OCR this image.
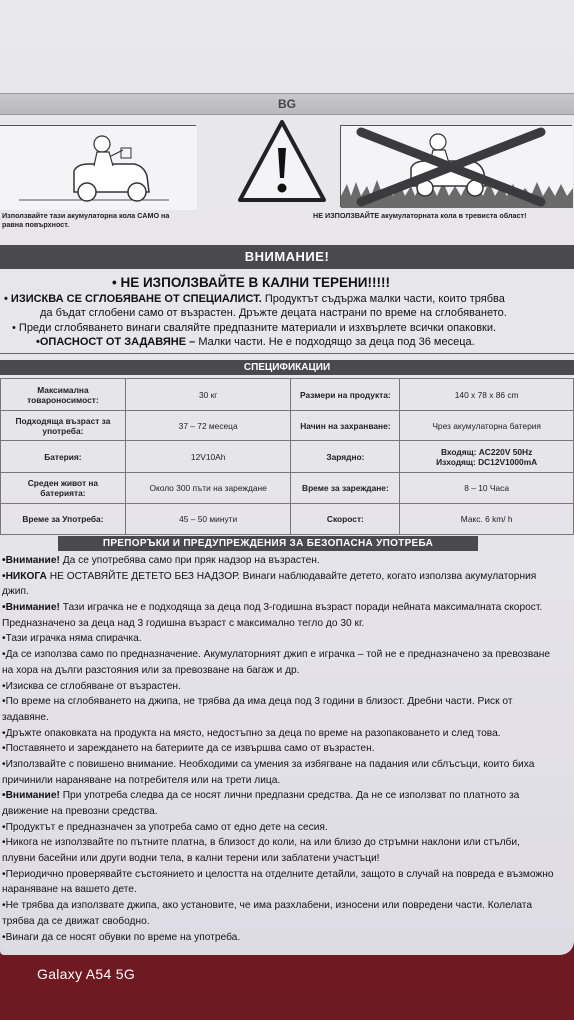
BG
Използвайте тази акумулаторна кола САМО на
равна повърхност.
НЕ ИЗПОЛЗВАЙТЕ акумулаторната кола в тревиста област!
ВНИМАНИЕ!
• НЕ ИЗПОЛЗВАЙТЕ В КАЛНИ ТЕРЕНИ!!!!!
• ИЗИСКВА СЕ СГЛОБЯВАНЕ ОТ СПЕЦИАЛИСТ. Продуктът съдържа малки части, които трябва
да бъдат сглобени само от възрастен. Дръжте децата настрани по време на сглобяването.
• Преди сглобяването винаги сваляйте предпазните материали и изхвърлете всички опаковки.
•ОПАСНОСТ ОТ ЗАДАВЯНЕ – Малки части. Не е подходящо за деца под 36 месеца.
СПЕЦИФИКАЦИИ
Максимална товароносимост:	30 кг	Размери на продукта:	140 x 78 x 86 cm
Подходяща възраст за употреба:	37 – 72 месеца	Начин на захранване:	Чрез акумулаторна батерия
Батерия:	12V10Ah	Зарядно:	Входящ: AC220V 50Hz
Изходящ: DC12V1000mA

Среден живот на батерията:	Около 300 пъти на зареждане	Време за зареждане:	8 – 10 Часа
Време за Употреба:	45 – 50 минути	Скорост:	Макс. 6 km/ h
ПРЕПОРЪКИ И ПРЕДУПРЕЖДЕНИЯ ЗА БЕЗОПАСНА УПОТРЕБА
•Внимание! Да се употребява само при пряк надзор на възрастен.
•НИКОГА НЕ ОСТАВЯЙТЕ ДЕТЕТО БЕЗ НАДЗОР. Винаги наблюдавайте детето, когато използва акумулаторния
джип.
•Внимание! Тази играчка не е подходяща за деца под 3-годишна възраст поради нейната максималната скорост.
Предназначено за деца над 3 годишна възраст с максимално тегло до 30 кг.
•Тази играчка няма спирачка.
•Да се използва само по предназначение. Акумулаторният джип е играчка – той не е предназначено за превозване
на хора на дълги разстояния или за превозване на багаж и др.
•Изисква се сглобяване от възрастен.
•По време на сглобяването на джипа, не трябва да има деца под 3 години в близост. Дребни части. Риск от
задавяне.
•Дръжте опаковката на продукта на място, недостъпно за деца по време на разопаковането и след това.
•Поставянето и зареждането на батериите да се извършва само от възрастен.
•Използвайте с повишено внимание. Необходими са умения за избягване на падания или сблъсъци, които биха
причинили нараняване на потребителя или на трети лица.
•Внимание! При употреба следва да се носят лични предпазни средства. Да не се използват по платното за
движение на превозни средства.
•Продуктът е предназначен за употреба само от едно дете на сесия.
•Никога не използвайте по пътните платна, в близост до коли, на или близо до стръмни наклони или стълби,
плувни басейни или други водни тела, в кални терени или заблатени участъци!
•Периодично проверявайте състоянието и целостта на отделните детайли, защото в случай на повреда е възможно
нараняване на вашето дете.
•Не трябва да използвате джипа, ако установите, че има разхлабени, износени или повредени части. Колелата
трябва да се движат свободно.
•Винаги да се носят обувки по време на употреба.
Galaxy A54 5G
